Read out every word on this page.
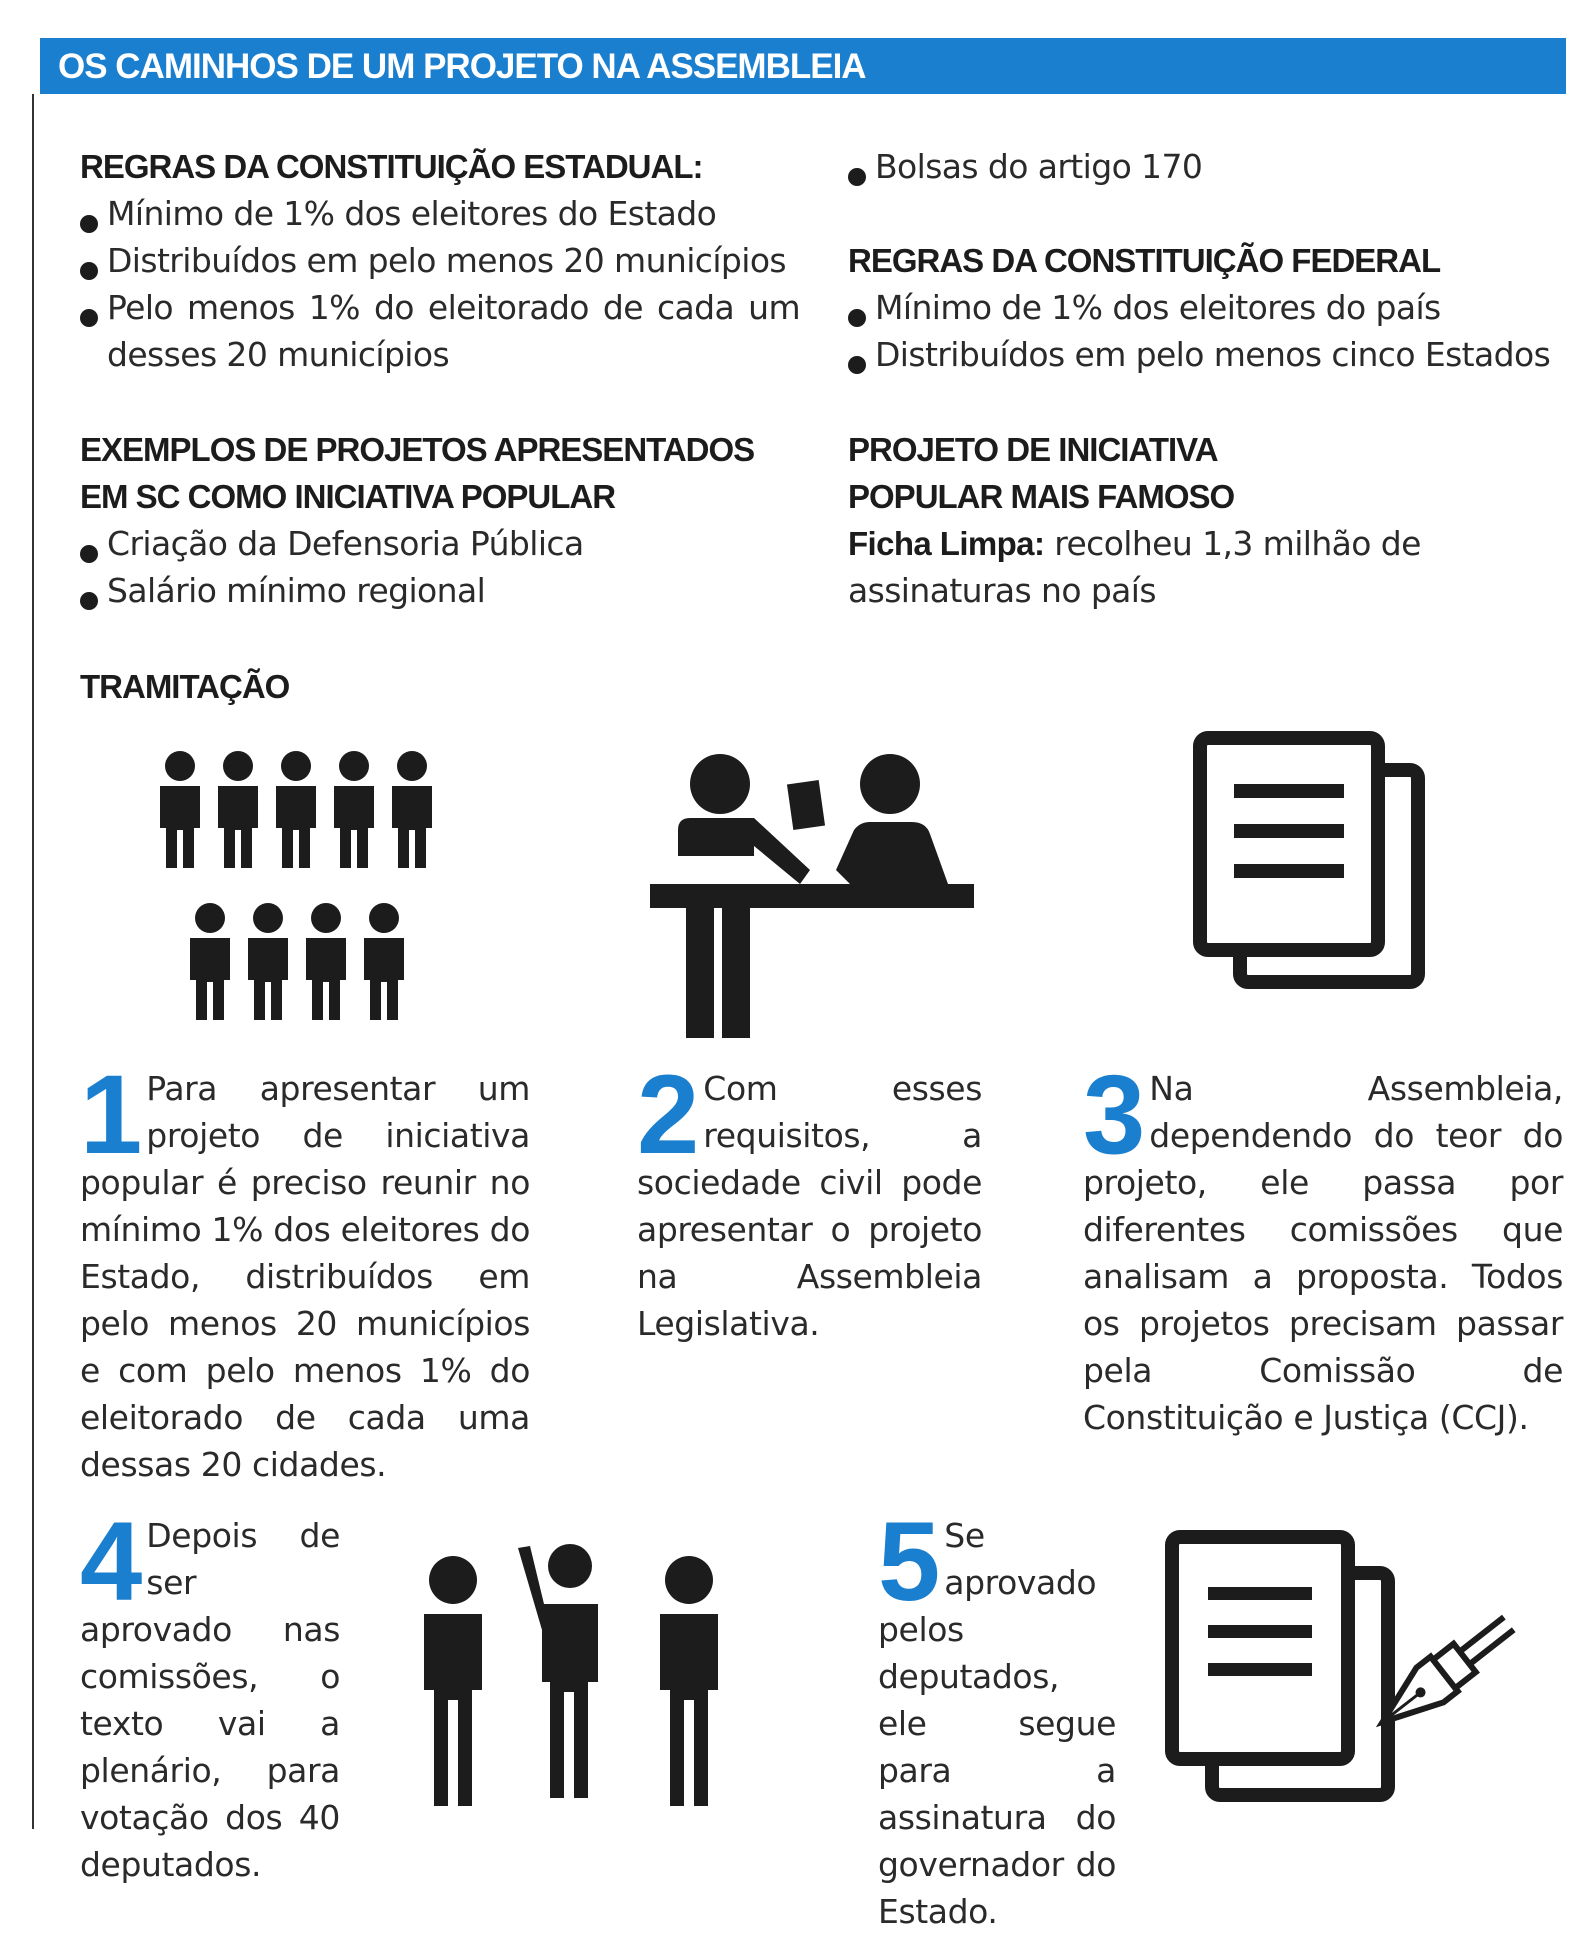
OS CAMINHOS DE UM PROJETO NA ASSEMBLEIA
REGRAS DA CONSTITUIÇÃO ESTADUAL:
Mínimo de 1% dos eleitores do Estado
Distribuídos em pelo menos 20 municípios
Pelo menos 1% do eleitorado de cada um desses 20 municípios
Bolsas do artigo 170
REGRAS DA CONSTITUIÇÃO FEDERAL
Mínimo de 1% dos eleitores do país
Distribuídos em pelo menos cinco Estados
EXEMPLOS DE PROJETOS APRESENTADOS
EM SC COMO INICIATIVA POPULAR
Criação da Defensoria Pública
Salário mínimo regional
PROJETO DE INICIATIVA
POPULAR MAIS FAMOSO
Ficha Limpa: recolheu 1,3 milhão de assinaturas no país
TRAMITAÇÃO
1 Para apresentar um projeto de iniciativa popular é preciso reunir no mínimo 1% dos eleitores do Estado, distribuídos em pelo menos 20 municípios e com pelo menos 1% do eleitorado de cada uma dessas 20 cidades.
2 Com esses requisitos, a sociedade civil pode apresentar o projeto na Assembleia Legislativa.
3 Na Assembleia, dependendo do teor do projeto, ele passa por diferentes comissões que analisam a proposta. Todos os projetos precisam passar pela Comissão de Constituição e Justiça (CCJ).
4 Depois de ser aprovado nas comissões, o texto vai a plenário, para votação dos 40 deputados.
5 Se aprovado pelos deputados, ele segue para a assinatura do governador do Estado.
